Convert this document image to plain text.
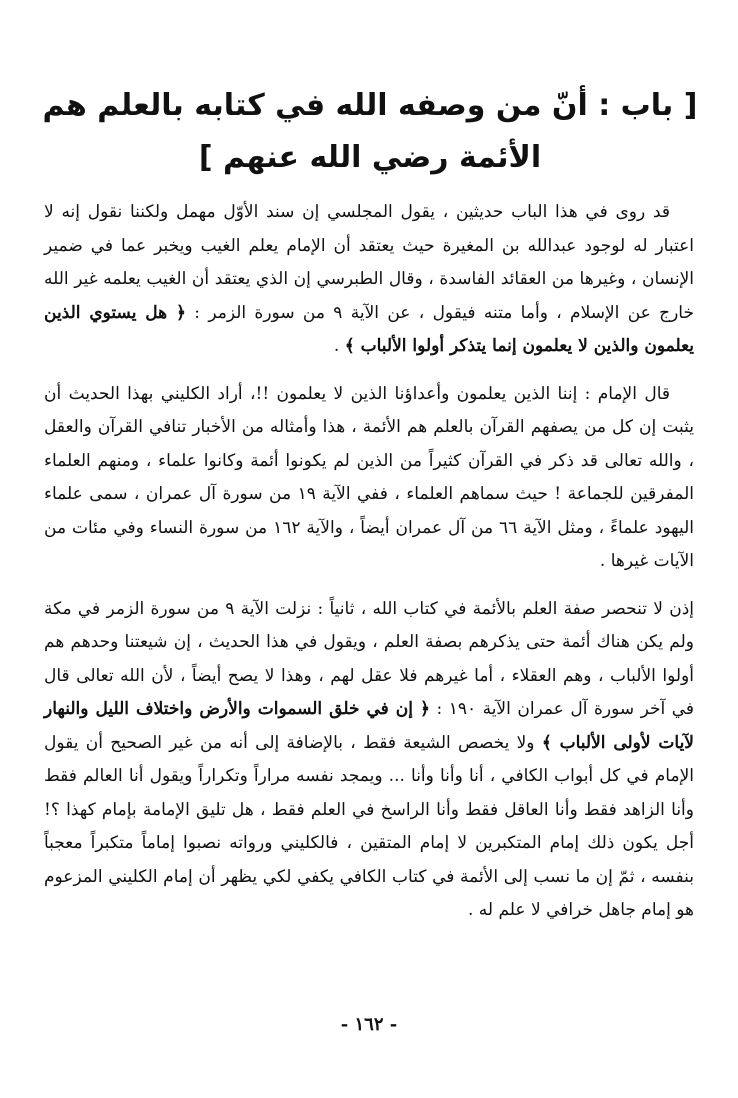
[ باب : أنّ من وصفه الله في كتابه بالعلم هم
الأئمة رضي الله عنهم ]

قد روى في هذا الباب حديثين ، يقول المجلسي إن سند الأوّل مهمل ولكننا نقول إنه لا اعتبار له لوجود عبدالله بن المغيرة حيث يعتقد أن الإمام يعلم الغيب ويخبر عما في ضمير الإنسان ، وغيرها من العقائد الفاسدة ، وقال الطبرسي إن الذي يعتقد أن الغيب يعلمه غير الله خارج عن الإسلام ، وأما متنه فيقول ، عن الآية ٩ من سورة الزمر : ﴿ هل يستوي الذين يعلمون والذين لا يعلمون إنما يتذكر أولوا الألباب ﴾ .

قال الإمام : إننا الذين يعلمون وأعداؤنا الذين لا يعلمون !!، أراد الكليني بهذا الحديث أن يثبت إن كل من يصفهم القرآن بالعلم هم الأئمة ، هذا وأمثاله من الأخبار تنافي القرآن والعقل ، والله تعالى قد ذكر في القرآن كثيراً من الذين لم يكونوا أئمة وكانوا علماء ، ومنهم العلماء المفرقين للجماعة ! حيث سماهم العلماء ، ففي الآية ١٩ من سورة آل عمران ، سمى علماء اليهود علماءً ، ومثل الآية ٦٦ من آل عمران أيضاً ، والآية ١٦٢ من سورة النساء وفي مئات من الآيات غيرها .

إذن لا تنحصر صفة العلم بالأئمة في كتاب الله ، ثانياً : نزلت الآية ٩ من سورة الزمر في مكة ولم يكن هناك أئمة حتى يذكرهم بصفة العلم ، ويقول في هذا الحديث ، إن شيعتنا وحدهم هم أولوا الألباب ، وهم العقلاء ، أما غيرهم فلا عقل لهم ، وهذا لا يصح أيضاً ، لأن الله تعالى قال في آخر سورة آل عمران الآية ١٩٠ : ﴿ إن في خلق السموات والأرض واختلاف الليل والنهار لآيات لأولى الألباب ﴾ ولا يخصص الشيعة فقط ، بالإضافة إلى أنه من غير الصحيح أن يقول الإمام في كل أبواب الكافي ، أنا وأنا وأنا ... ويمجد نفسه مراراً وتكراراً ويقول أنا العالم فقط وأنا الزاهد فقط وأنا العاقل فقط وأنا الراسخ في العلم فقط ، هل تليق الإمامة بإمام كهذا ؟! أجل يكون ذلك إمام المتكبرين لا إمام المتقين ، فالكليني ورواته نصبوا إماماً متكبراً معجباً بنفسه ، ثمّ إن ما نسب إلى الأئمة في كتاب الكافي يكفي لكي يظهر أن إمام الكليني المزعوم هو إمام جاهل خرافي لا علم له .

- ١٦٢ -
